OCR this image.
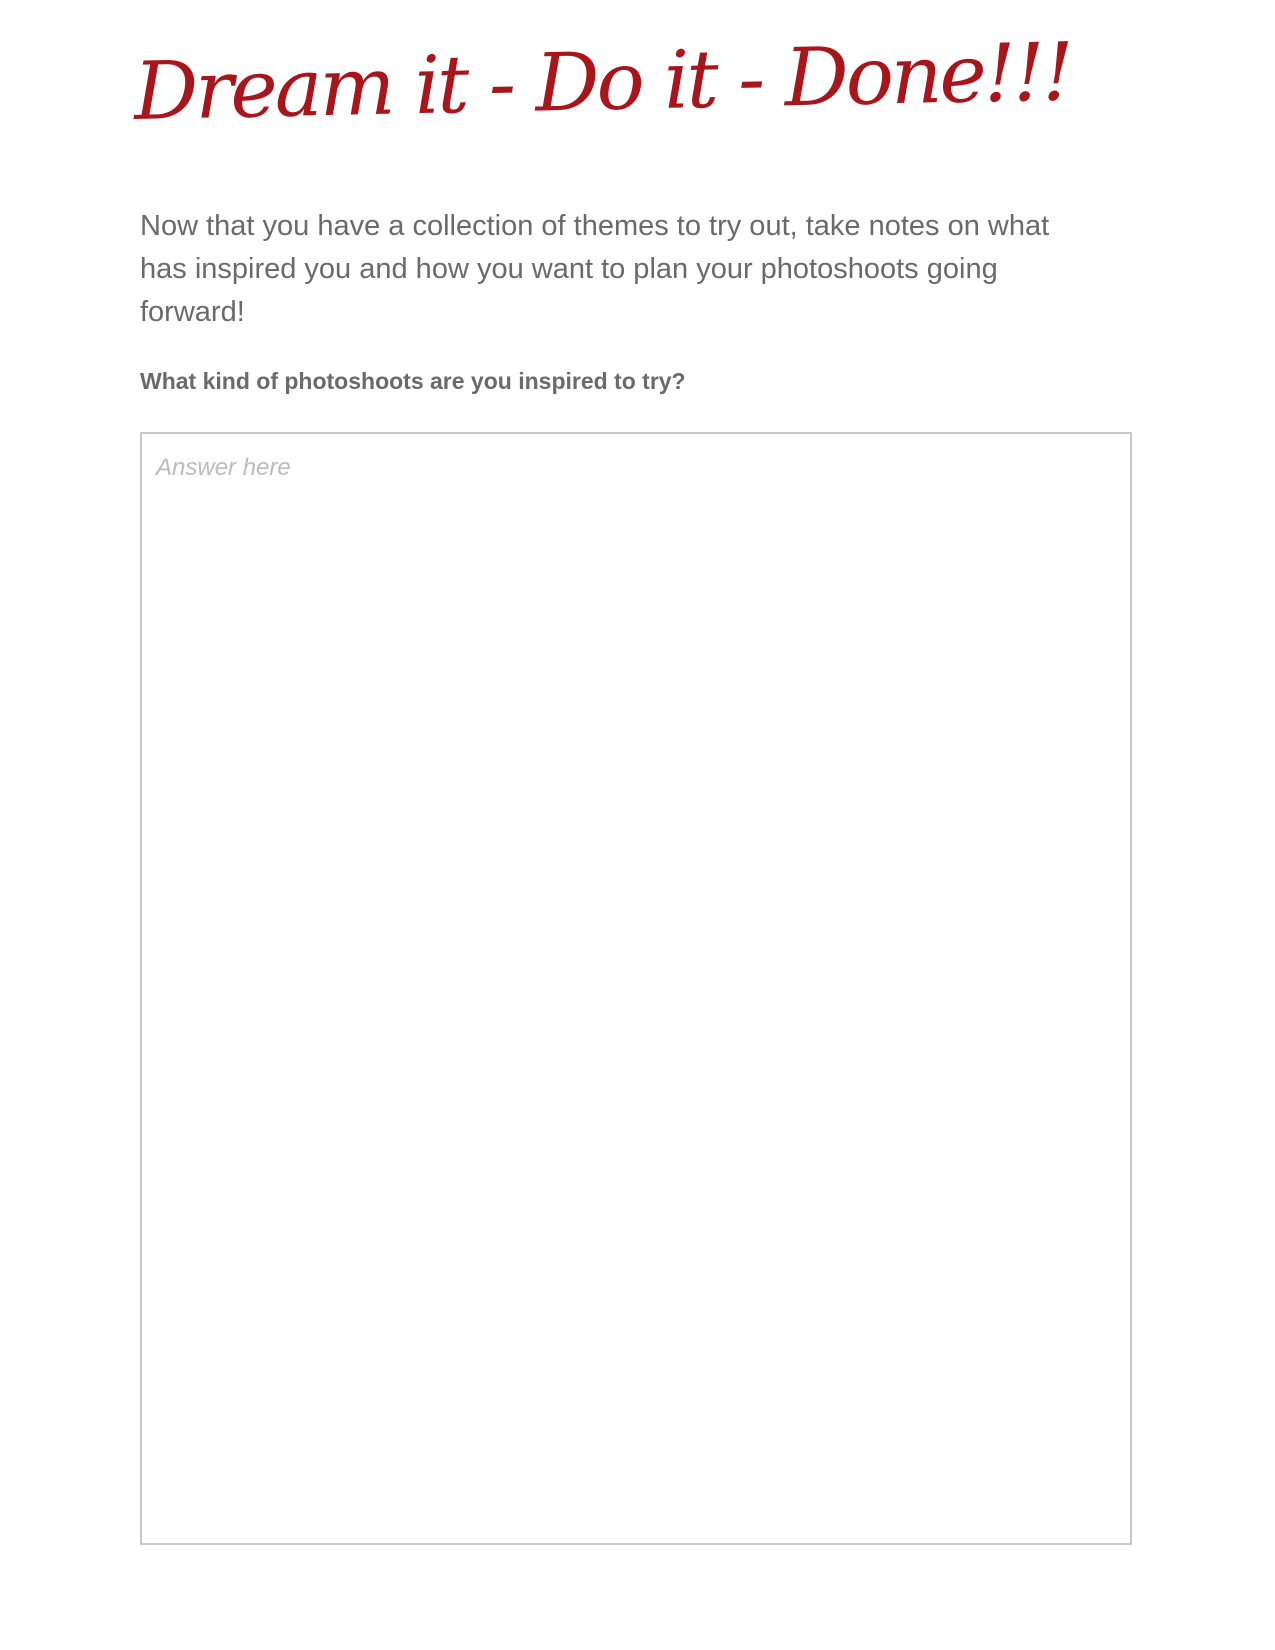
Dream it - Do it - Done!!!

Now that you have a collection of themes to try out, take notes on what has inspired you and how you want to plan your photoshoots going forward!

What kind of photoshoots are you inspired to try?

Answer here
